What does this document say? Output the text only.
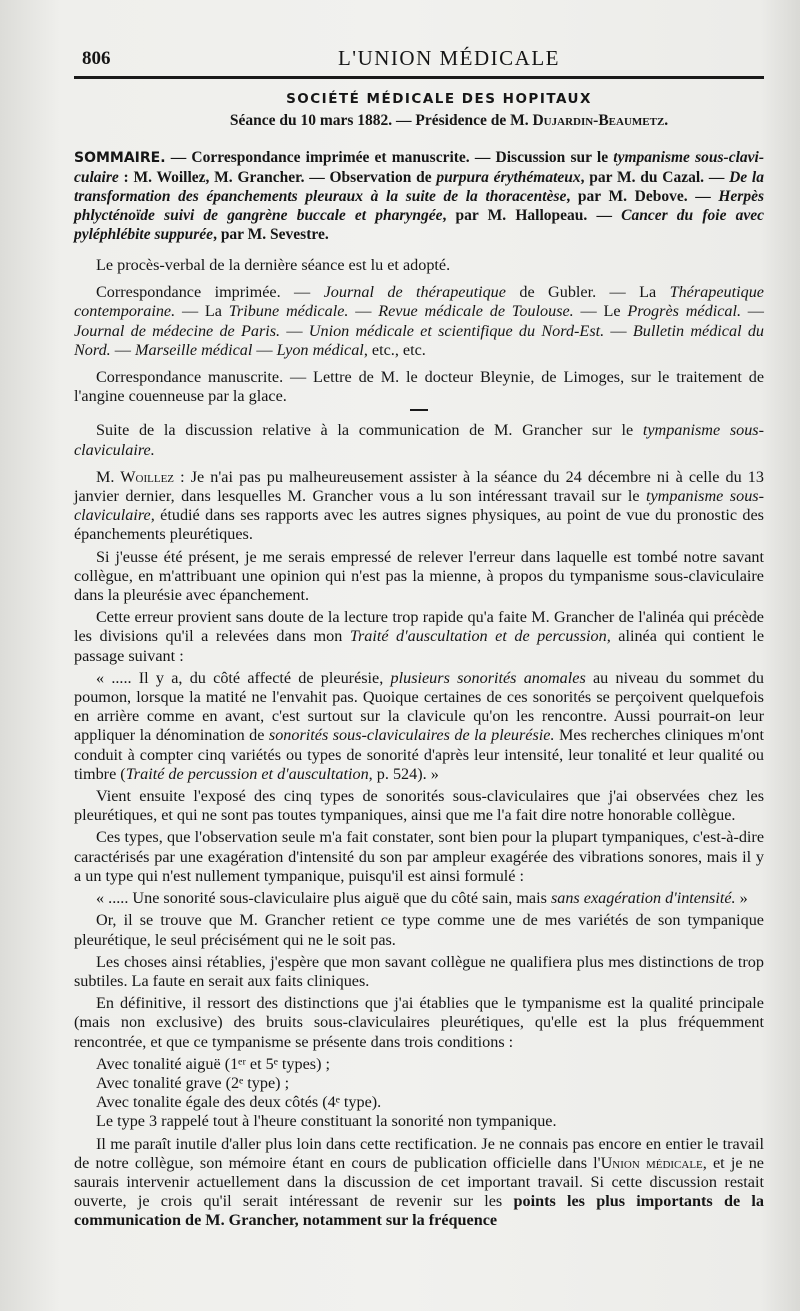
806	L'UNION MÉDICALE
SOCIÉTÉ MÉDICALE DES HOPITAUX
Séance du 10 mars 1882. — Présidence de M. Dujardin-Beaumetz.
SOMMAIRE. — Correspondance imprimée et manuscrite. — Discussion sur le tympanisme sous-claviculaire : M. Woillez, M. Grancher. — Observation de purpura érythémateux, par M. du Cazal. — De la transformation des épanchements pleuraux à la suite de la thoracentèse, par M. Debove. — Herpès phlycténoïde suivi de gangrène buccale et pharyngée, par M. Hallopeau. — Cancer du foie avec pyléphlébite suppurée, par M. Sevestre.

Le procès-verbal de la dernière séance est lu et adopté.

Correspondance imprimée. — Journal de thérapeutique de Gubler. — La Thérapeutique contemporaine. — La Tribune médicale. — Revue médicale de Toulouse. — Le Progrès médical. — Journal de médecine de Paris. — Union médicale et scientifique du Nord-Est. — Bulletin médical du Nord. — Marseille médical — Lyon médical, etc., etc.

Correspondance manuscrite. — Lettre de M. le docteur Bleynie, de Limoges, sur le traitement de l'angine couenneuse par la glace.

Suite de la discussion relative à la communication de M. Grancher sur le tympanisme sous-claviculaire.

M. Woillez : Je n'ai pas pu malheureusement assister à la séance du 24 décembre ni à celle du 13 janvier dernier, dans lesquelles M. Grancher vous a lu son intéressant travail sur le tympanisme sous-claviculaire, étudié dans ses rapports avec les autres signes physiques, au point de vue du pronostic des épanchements pleurétiques.

Si j'eusse été présent, je me serais empressé de relever l'erreur dans laquelle est tombé notre savant collègue, en m'attribuant une opinion qui n'est pas la mienne, à propos du tympanisme sous-claviculaire dans la pleurésie avec épanchement.

Cette erreur provient sans doute de la lecture trop rapide qu'a faite M. Grancher de l'alinéa qui précède les divisions qu'il a relevées dans mon Traité d'auscultation et de percussion, alinéa qui contient le passage suivant :

« ..... Il y a, du côté affecté de pleurésie, plusieurs sonorités anomales au niveau du sommet du poumon, lorsque la matité ne l'envahit pas. Quoique certaines de ces sonorités se perçoivent quelquefois en arrière comme en avant, c'est surtout sur la clavicule qu'on les rencontre. Aussi pourrait-on leur appliquer la dénomination de sonorités sous-claviculaires de la pleurésie. Mes recherches cliniques m'ont conduit à compter cinq variétés ou types de sonorité d'après leur intensité, leur tonalité et leur qualité ou timbre (Traité de percussion et d'auscultation, p. 524). »

Vient ensuite l'exposé des cinq types de sonorités sous-claviculaires que j'ai observées chez les pleurétiques, et qui ne sont pas toutes tympaniques, ainsi que me l'a fait dire notre honorable collègue.

Ces types, que l'observation seule m'a fait constater, sont bien pour la plupart tympaniques, c'est-à-dire caractérisés par une exagération d'intensité du son par ampleur exagérée des vibrations sonores, mais il y a un type qui n'est nullement tympanique, puisqu'il est ainsi formulé :

« ..... Une sonorité sous-claviculaire plus aiguë que du côté sain, mais sans exagération d'intensité. »

Or, il se trouve que M. Grancher retient ce type comme une de mes variétés de son tympanique pleurétique, le seul précisément qui ne le soit pas.

Les choses ainsi rétablies, j'espère que mon savant collègue ne qualifiera plus mes distinctions de trop subtiles. La faute en serait aux faits cliniques.

En définitive, il ressort des distinctions que j'ai établies que le tympanisme est la qualité principale (mais non exclusive) des bruits sous-claviculaires pleurétiques, qu'elle est la plus fréquemment rencontrée, et que ce tympanisme se présente dans trois conditions :

Avec tonalité aiguë (1ᵉʳ et 5ᵉ types) ;
Avec tonalité grave (2ᵉ type) ;
Avec tonalite égale des deux côtés (4ᵉ type).

Le type 3 rappelé tout à l'heure constituant la sonorité non tympanique.

Il me paraît inutile d'aller plus loin dans cette rectification. Je ne connais pas encore en entier le travail de notre collègue, son mémoire étant en cours de publication officielle dans l'Union médicale, et je ne saurais intervenir actuellement dans la discussion de cet important travail. Si cette discussion restait ouverte, je crois qu'il serait intéressant de revenir sur les points les plus importants de la communication de M. Grancher, notamment sur la fréquence
